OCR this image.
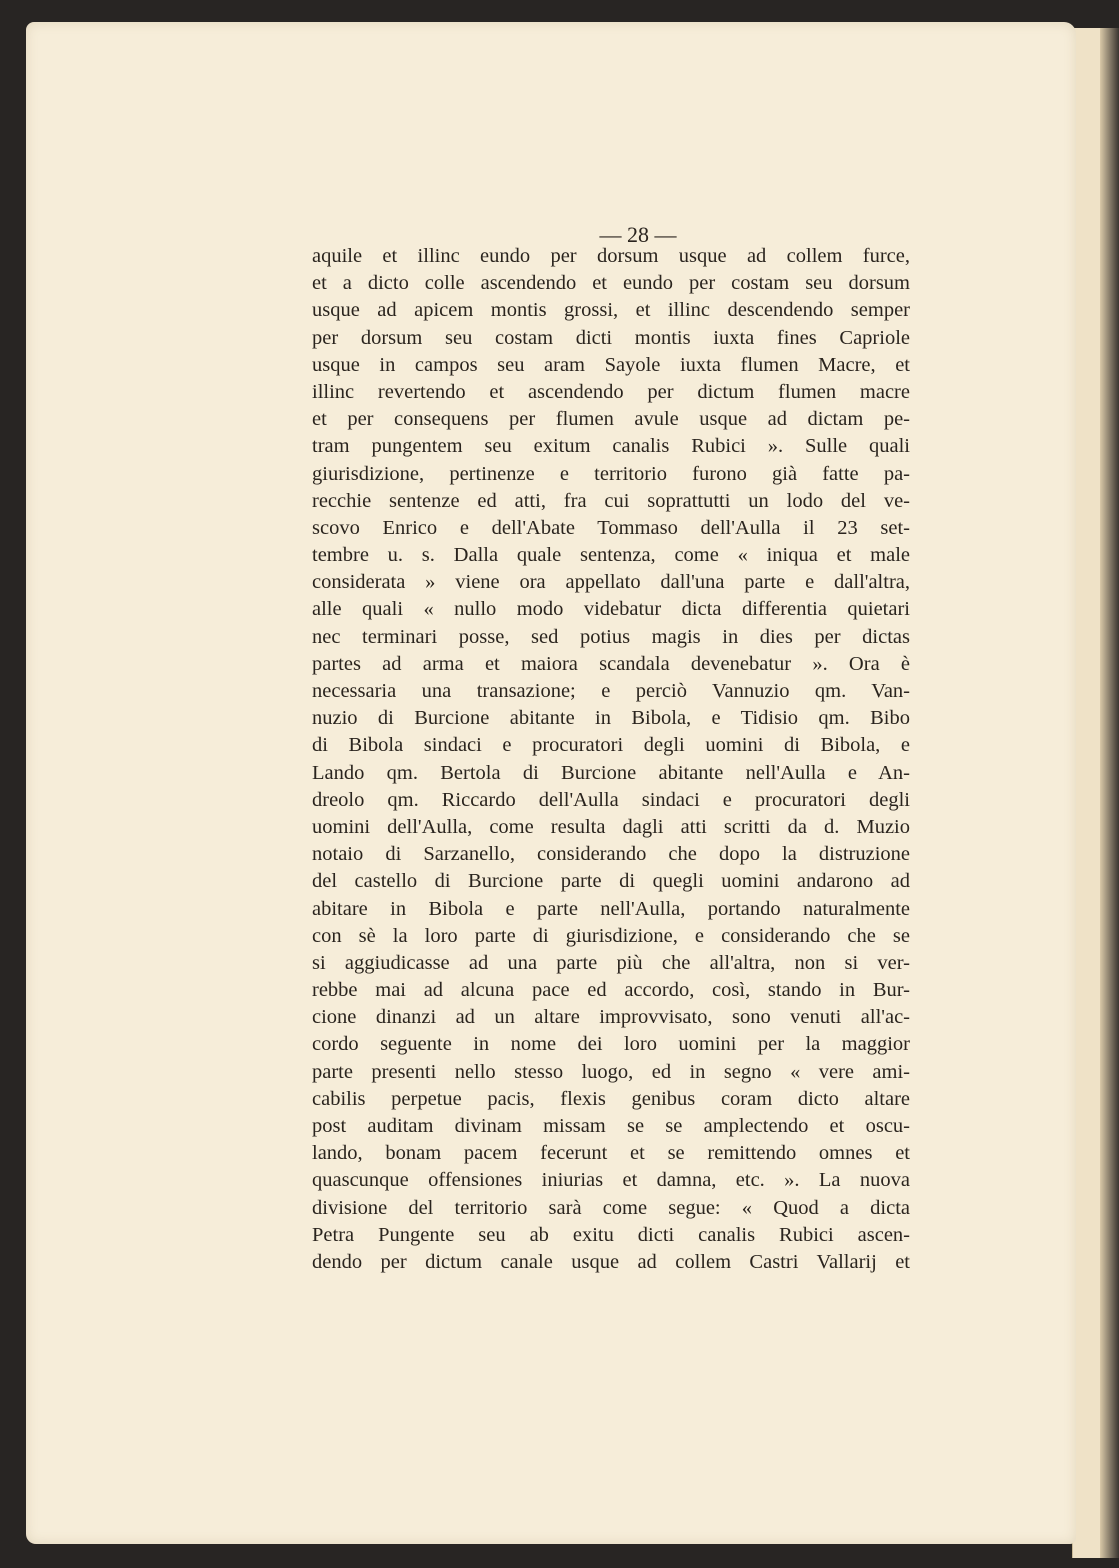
— 28 —
aquile et illinc eundo per dorsum usque ad collem furce,
et a dicto colle ascendendo et eundo per costam seu dorsum
usque ad apicem montis grossi, et illinc descendendo semper
per dorsum seu costam dicti montis iuxta fines Capriole
usque in campos seu aram Sayole iuxta flumen Macre, et
illinc revertendo et ascendendo per dictum flumen macre
et per consequens per flumen avule usque ad dictam pe-
tram pungentem seu exitum canalis Rubici ». Sulle quali
giurisdizione, pertinenze e territorio furono già fatte pa-
recchie sentenze ed atti, fra cui soprattutti un lodo del ve-
scovo Enrico e dell'Abate Tommaso dell'Aulla il 23 set-
tembre u. s. Dalla quale sentenza, come « iniqua et male
considerata » viene ora appellato dall'una parte e dall'altra,
alle quali « nullo modo videbatur dicta differentia quietari
nec terminari posse, sed potius magis in dies per dictas
partes ad arma et maiora scandala devenebatur ». Ora è
necessaria una transazione; e perciò Vannuzio qm. Van-
nuzio di Burcione abitante in Bibola, e Tidisio qm. Bibo
di Bibola sindaci e procuratori degli uomini di Bibola, e
Lando qm. Bertola di Burcione abitante nell'Aulla e An-
dreolo qm. Riccardo dell'Aulla sindaci e procuratori degli
uomini dell'Aulla, come resulta dagli atti scritti da d. Muzio
notaio di Sarzanello, considerando che dopo la distruzione
del castello di Burcione parte di quegli uomini andarono ad
abitare in Bibola e parte nell'Aulla, portando naturalmente
con sè la loro parte di giurisdizione, e considerando che se
si aggiudicasse ad una parte più che all'altra, non si ver-
rebbe mai ad alcuna pace ed accordo, così, stando in Bur-
cione dinanzi ad un altare improvvisato, sono venuti all'ac-
cordo seguente in nome dei loro uomini per la maggior
parte presenti nello stesso luogo, ed in segno « vere ami-
cabilis perpetue pacis, flexis genibus coram dicto altare
post auditam divinam missam se se amplectendo et oscu-
lando, bonam pacem fecerunt et se remittendo omnes et
quascunque offensiones iniurias et damna, etc. ». La nuova
divisione del territorio sarà come segue: « Quod a dicta
Petra Pungente seu ab exitu dicti canalis Rubici ascen-
dendo per dictum canale usque ad collem Castri Vallarij et
